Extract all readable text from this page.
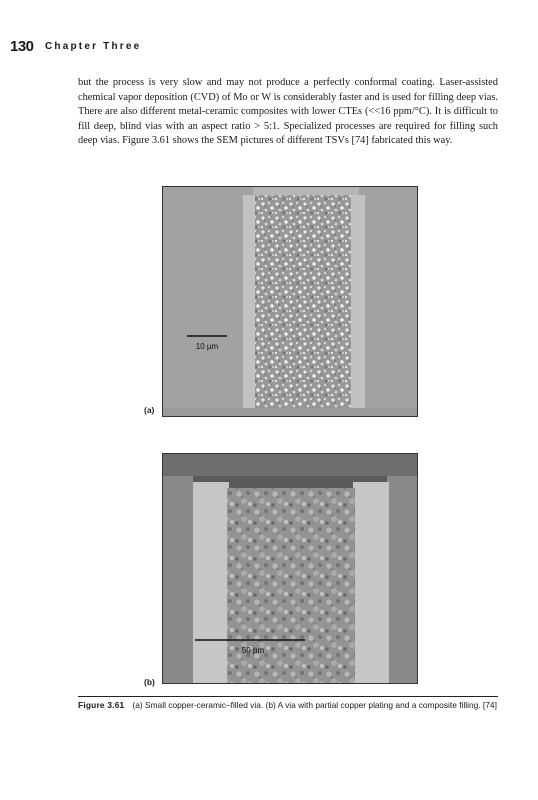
130 Chapter Three

but the process is very slow and may not produce a perfectly conformal coating. Laser-assisted chemical vapor deposition (CVD) of Mo or W is considerably faster and is used for filling deep vias. There are also different metal-ceramic composites with lower CTEs (<<16 ppm/°C). It is difficult to fill deep, blind vias with an aspect ratio > 5:1. Specialized processes are required for filling such deep vias. Figure 3.61 shows the SEM pictures of different TSVs [74] fabricated this way.

10 µm
(a)
50 µm
(b)

Figure 3.61 (a) Small copper-ceramic–filled via. (b) A via with partial copper plating and a composite filling. [74]
